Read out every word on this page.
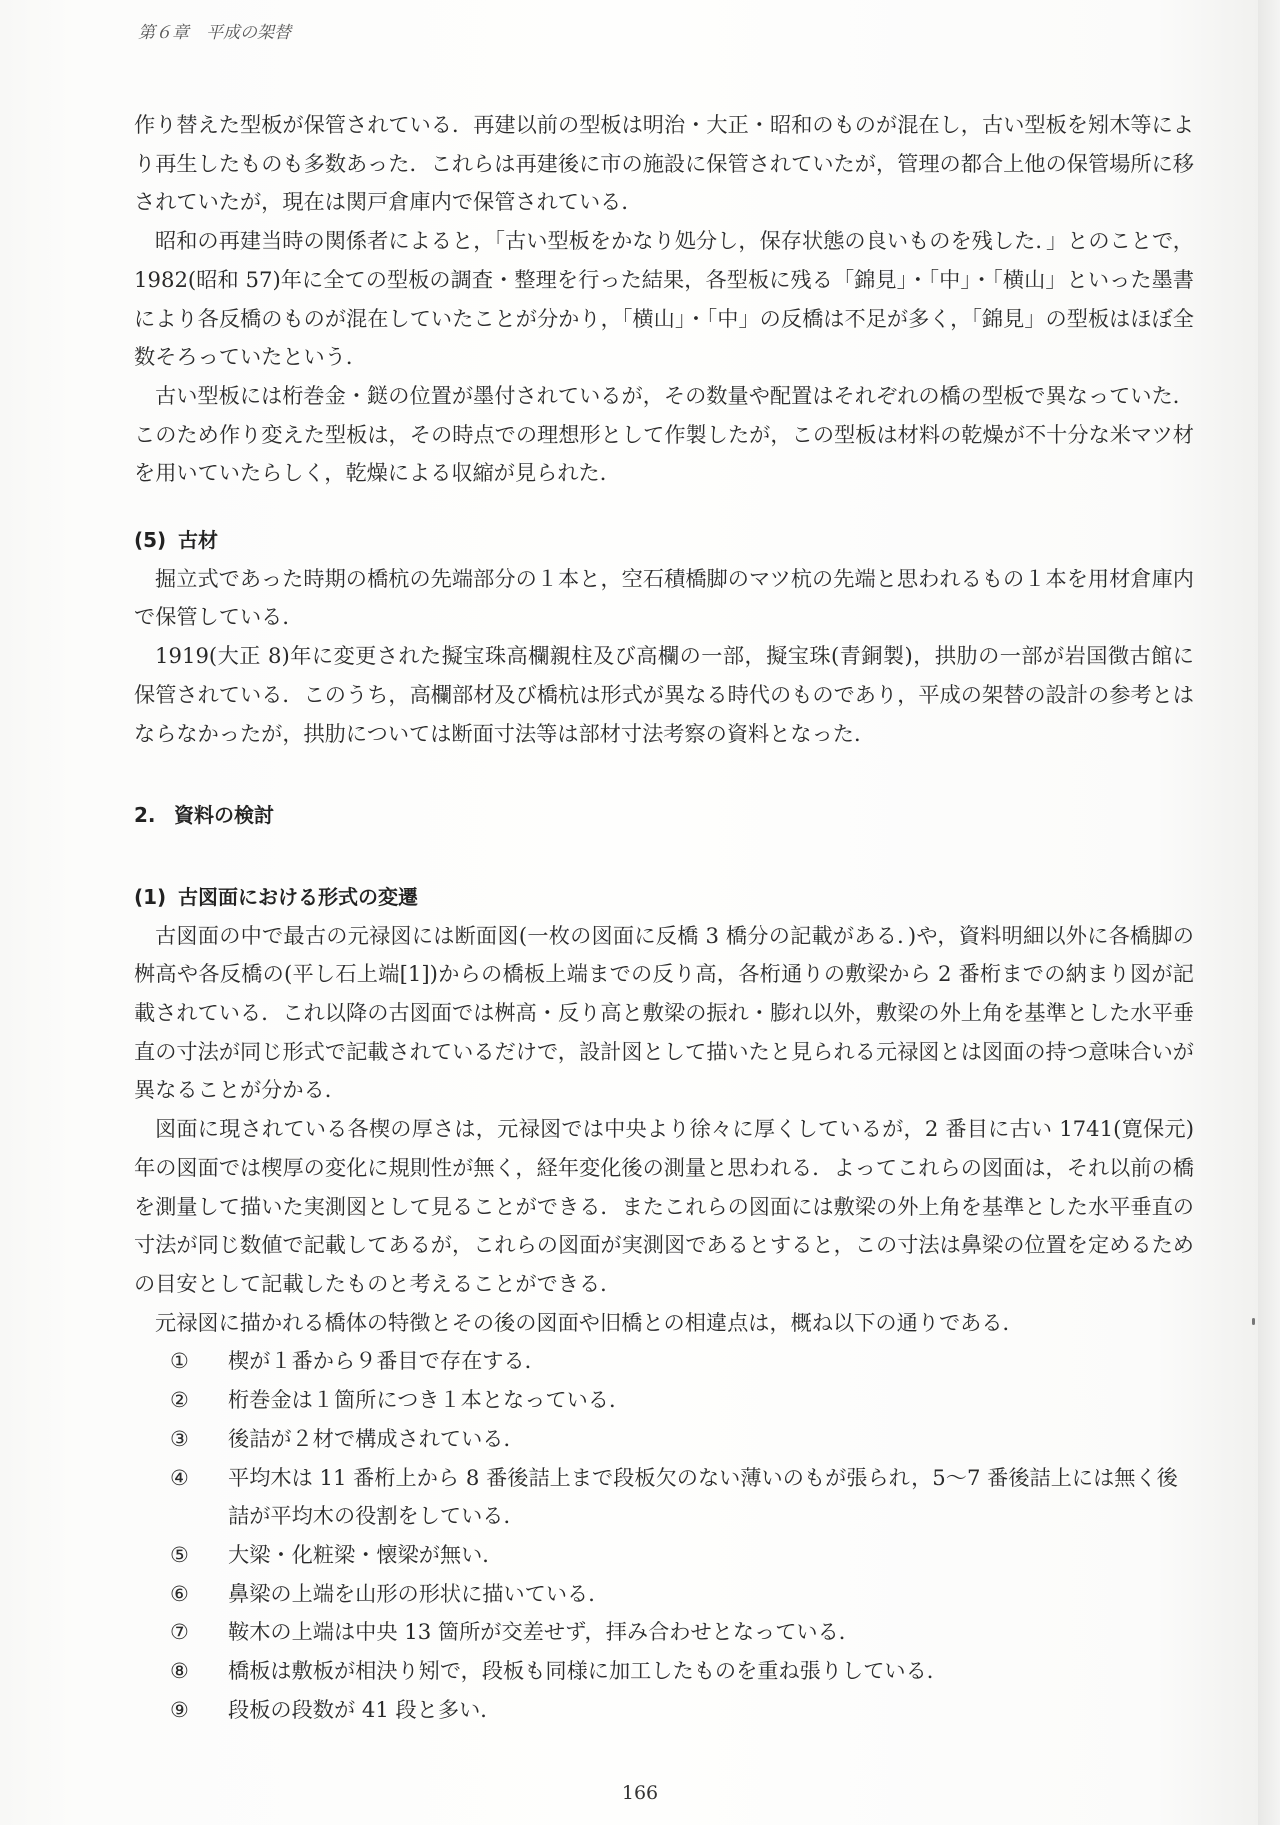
第６章　平成の架替

作り替えた型板が保管されている．再建以前の型板は明治・大正・昭和のものが混在し，古い型板を矧木等により再生したものも多数あった．これらは再建後に市の施設に保管されていたが，管理の都合上他の保管場所に移されていたが，現在は関戸倉庫内で保管されている．

昭和の再建当時の関係者によると，「古い型板をかなり処分し，保存状態の良いものを残した．」とのことで，1982(昭和 57)年に全ての型板の調査・整理を行った結果，各型板に残る「錦見」・「中」・「横山」といった墨書により各反橋のものが混在していたことが分かり，「横山」・「中」の反橋は不足が多く，「錦見」の型板はほぼ全数そろっていたという．

古い型板には桁巻金・鎹の位置が墨付されているが，その数量や配置はそれぞれの橋の型板で異なっていた．このため作り変えた型板は，その時点での理想形として作製したが，この型板は材料の乾燥が不十分な米マツ材を用いていたらしく，乾燥による収縮が見られた．

(5) 古材

掘立式であった時期の橋杭の先端部分の１本と，空石積橋脚のマツ杭の先端と思われるもの１本を用材倉庫内で保管している．

1919(大正 8)年に変更された擬宝珠高欄親柱及び高欄の一部，擬宝珠(青銅製)，拱肋の一部が岩国徴古館に保管されている．このうち，高欄部材及び橋杭は形式が異なる時代のものであり，平成の架替の設計の参考とはならなかったが，拱肋については断面寸法等は部材寸法考察の資料となった．

2. 資料の検討
(1) 古図面における形式の変遷

古図面の中で最古の元禄図には断面図(一枚の図面に反橋 3 橋分の記載がある．)や，資料明細以外に各橋脚の桝高や各反橋の(平し石上端[1])からの橋板上端までの反り高，各桁通りの敷梁から 2 番桁までの納まり図が記載されている．これ以降の古図面では桝高・反り高と敷梁の振れ・膨れ以外，敷梁の外上角を基準とした水平垂直の寸法が同じ形式で記載されているだけで，設計図として描いたと見られる元禄図とは図面の持つ意味合いが異なることが分かる．

図面に現されている各楔の厚さは，元禄図では中央より徐々に厚くしているが，2 番目に古い 1741(寛保元)年の図面では楔厚の変化に規則性が無く，経年変化後の測量と思われる．よってこれらの図面は，それ以前の橋を測量して描いた実測図として見ることができる．またこれらの図面には敷梁の外上角を基準とした水平垂直の寸法が同じ数値で記載してあるが，これらの図面が実測図であるとすると，この寸法は鼻梁の位置を定めるための目安として記載したものと考えることができる．

元禄図に描かれる橋体の特徴とその後の図面や旧橋との相違点は，概ね以下の通りである．

①	楔が１番から９番目で存在する．
②	桁巻金は１箇所につき１本となっている．
③	後詰が２材で構成されている．
④	平均木は 11 番桁上から 8 番後詰上まで段板欠のない薄いのもが張られ，5〜7 番後詰上には無く後詰が平均木の役割をしている．
⑤	大梁・化粧梁・懐梁が無い．
⑥	鼻梁の上端を山形の形状に描いている．
⑦	鞍木の上端は中央 13 箇所が交差せず，拝み合わせとなっている．
⑧	橋板は敷板が相決り矧で，段板も同様に加工したものを重ね張りしている．
⑨	段板の段数が 41 段と多い．
166
